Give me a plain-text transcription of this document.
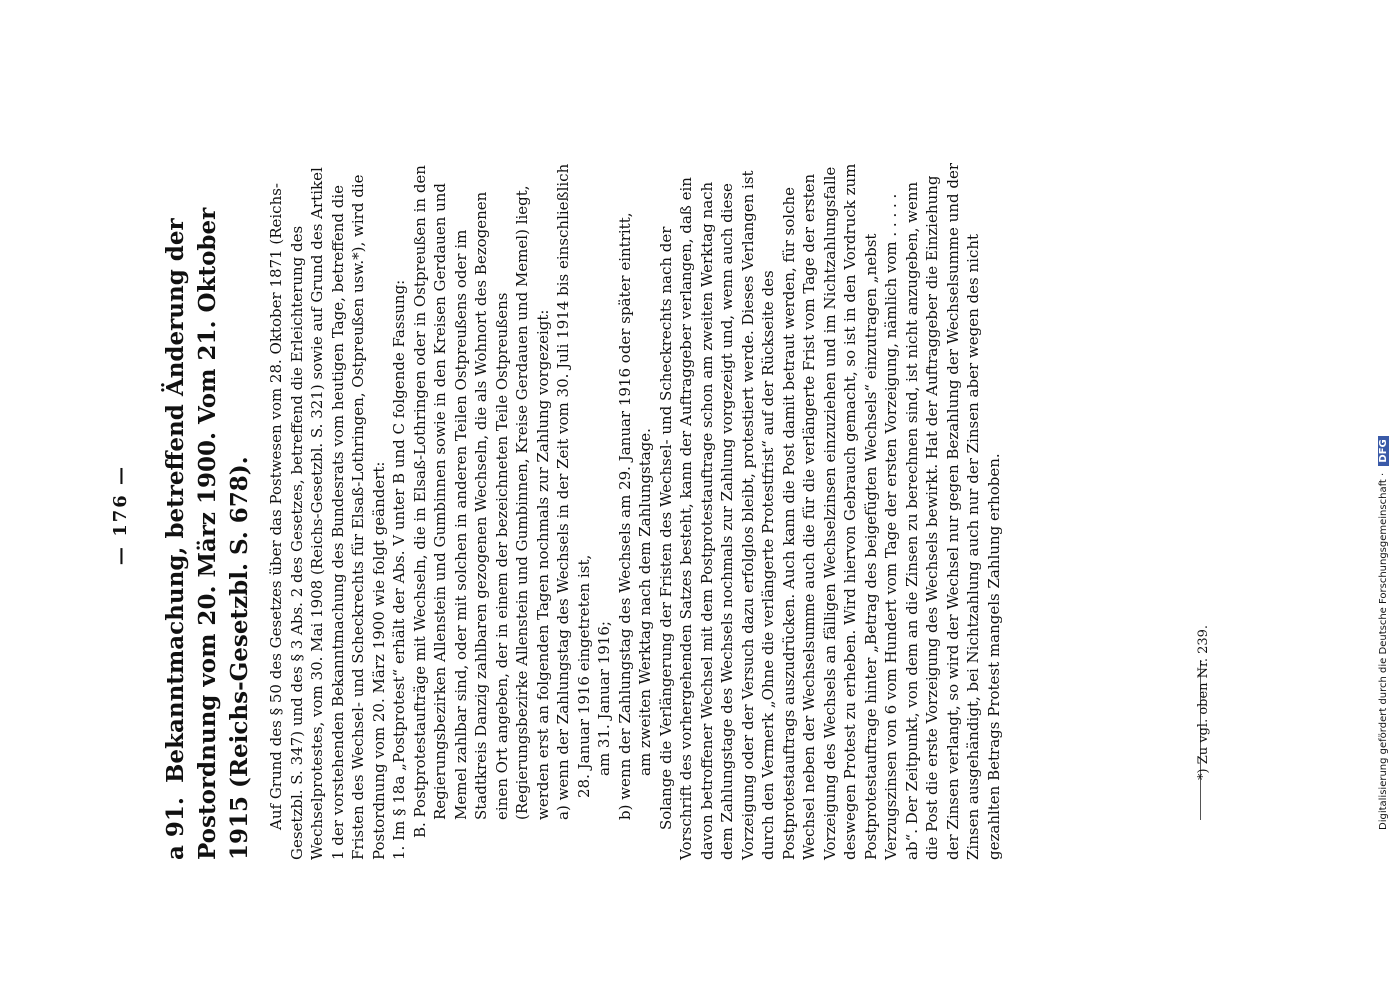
— 176 —
a 91. Bekanntmachung, betreffend Änderung der Postordnung vom 20. März 1900. Vom 21. Oktober 1915 (Reichs-Gesetzbl. S. 678). Auf Grund des § 50 des Gesetzes über das Postwesen vom 28. Oktober 1871 (Reichs-Gesetzbl. S. 347) und des § 3 Abs. 2 des Gesetzes, betreffend die Erleichterung des Wechselprotestes, vom 30. Mai 1908 (Reichs-Gesetzbl. S. 321) sowie auf Grund des Artikel 1 der vorstehenden Bekanntmachung des Bundesrats vom heutigen Tage, betreffend die Fristen des Wechsel- und Scheckrechts für Elsaß-Lothringen, Ostpreußen usw.*), wird die Postordnung vom 20. März 1900 wie folgt geändert: 1. Im § 18a „Postprotest“ erhält der Abs. V unter B und C folgende Fassung: B. Postprotestaufträge mit Wechseln, die in Elsaß-Lothringen oder in Ostpreußen in den Regierungsbezirken Allenstein und Gumbinnen sowie in den Kreisen Gerdauen und Memel zahlbar sind, oder mit solchen in anderen Teilen Ostpreußens oder im Stadtkreis Danzig zahlbaren gezogenen Wechseln, die als Wohnort des Bezogenen einen Ort angeben, der in einem der bezeichneten Teile Ostpreußens (Regierungsbezirke Allenstein und Gumbinnen, Kreise Gerdauen und Memel) liegt, werden erst an folgenden Tagen nochmals zur Zahlung vorgezeigt: a) wenn der Zahlungstag des Wechsels in der Zeit vom 30. Juli 1914 bis einschließlich 28. Januar 1916 eingetreten ist, am 31. Januar 1916; b) wenn der Zahlungstag des Wechsels am 29. Januar 1916 oder später eintritt, am zweiten Werktag nach dem Zahlungstage. Solange die Verlängerung der Fristen des Wechsel- und Scheckrechts nach der Vorschrift des vorhergehenden Satzes besteht, kann der Auftraggeber verlangen, daß ein davon betroffener Wechsel mit dem Postprotestauftrage schon am zweiten Werktag nach dem Zahlungstage des Wechsels nochmals zur Zahlung vorgezeigt und, wenn auch diese Vorzeigung oder der Versuch dazu erfolglos bleibt, protestiert werde. Dieses Verlangen ist durch den Vermerk „Ohne die verlängerte Protestfrist“ auf der Rückseite des Postprotestauftrags auszudrücken. Auch kann die Post damit betraut werden, für solche Wechsel neben der Wechselsumme auch die für die verlängerte Frist vom Tage der ersten Vorzeigung des Wechsels an fälligen Wechselzinsen einzuziehen und im Nichtzahlungsfalle deswegen Protest zu erheben. Wird hiervon Gebrauch gemacht, so ist in den Vordruck zum Postprotestauftrage hinter „Betrag des beigefügten Wechsels“ einzutragen „nebst Verzugszinsen von 6 vom Hundert vom Tage der ersten Vorzeigung, nämlich vom . . . . . ab“. Der Zeitpunkt, von dem an die Zinsen zu berechnen sind, ist nicht anzugeben, wenn die Post die erste Vorzeigung des Wechsels bewirkt. Hat der Auftraggeber die Einziehung der Zinsen verlangt, so wird der Wechsel nur gegen Bezahlung der Wechselsumme und der Zinsen ausgehändigt, bei Nichtzahlung auch nur der Zinsen aber wegen des nicht gezahlten Betrags Protest mangels Zahlung erhoben.	*) Zu vgl. oben Nr. 239.	Digitalisierung gefördert durch die Deutsche Forschungsgemeinschaft · DFG
